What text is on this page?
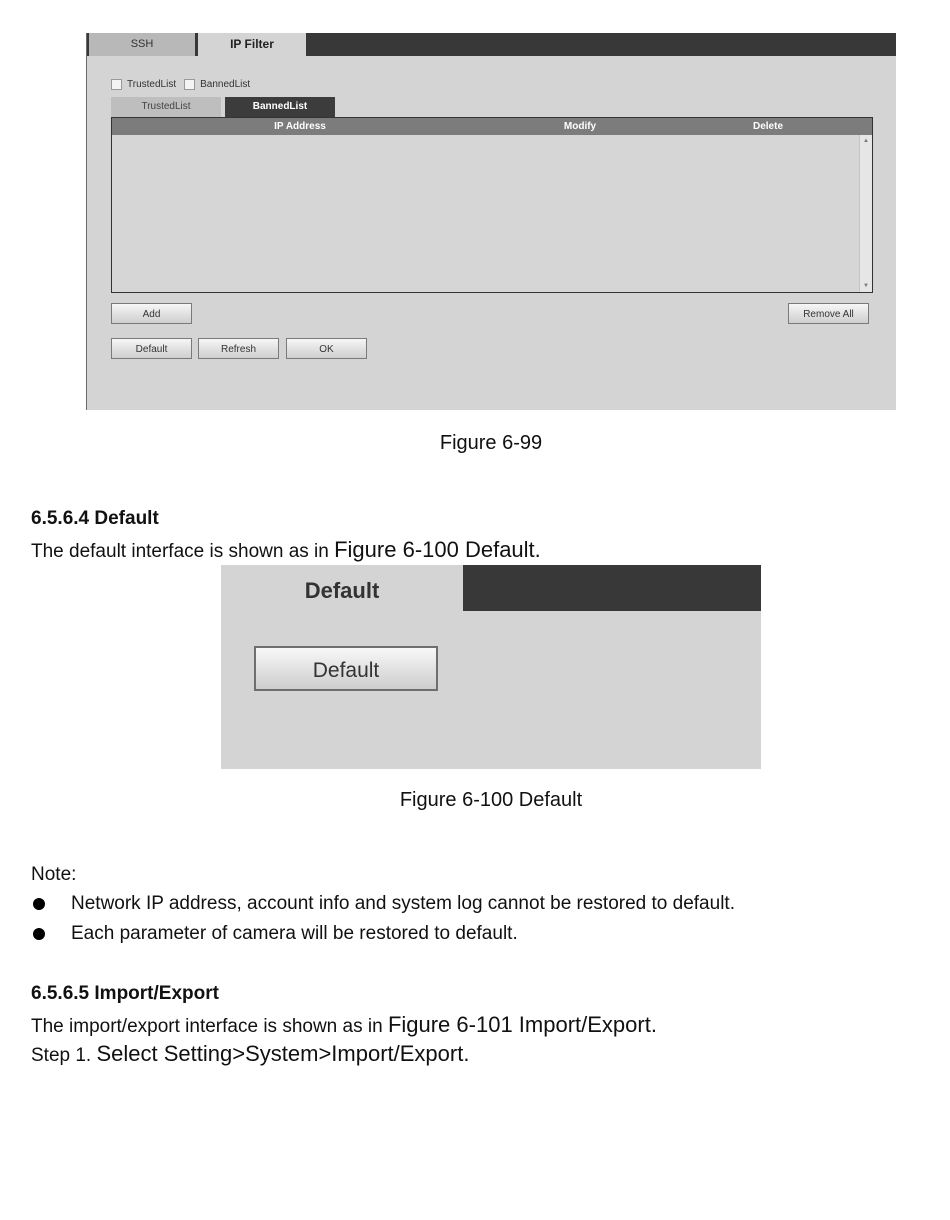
SSH	IP Filter
TrustedList BannedList
TrustedList	BannedList
IP Address	Modify	Delete
▲
▼
Add	Remove All
Default	Refresh	OK
Figure 6-99
6.5.6.4 Default
The default interface is shown as in Figure 6-100 Default.
Default
Default
Figure 6-100 Default
Note:
Network IP address, account info and system log cannot be restored to default.
Each parameter of camera will be restored to default.
6.5.6.5 Import/Export
The import/export interface is shown as in Figure 6-101 Import/Export.
Step 1. Select Setting>System>Import/Export.
